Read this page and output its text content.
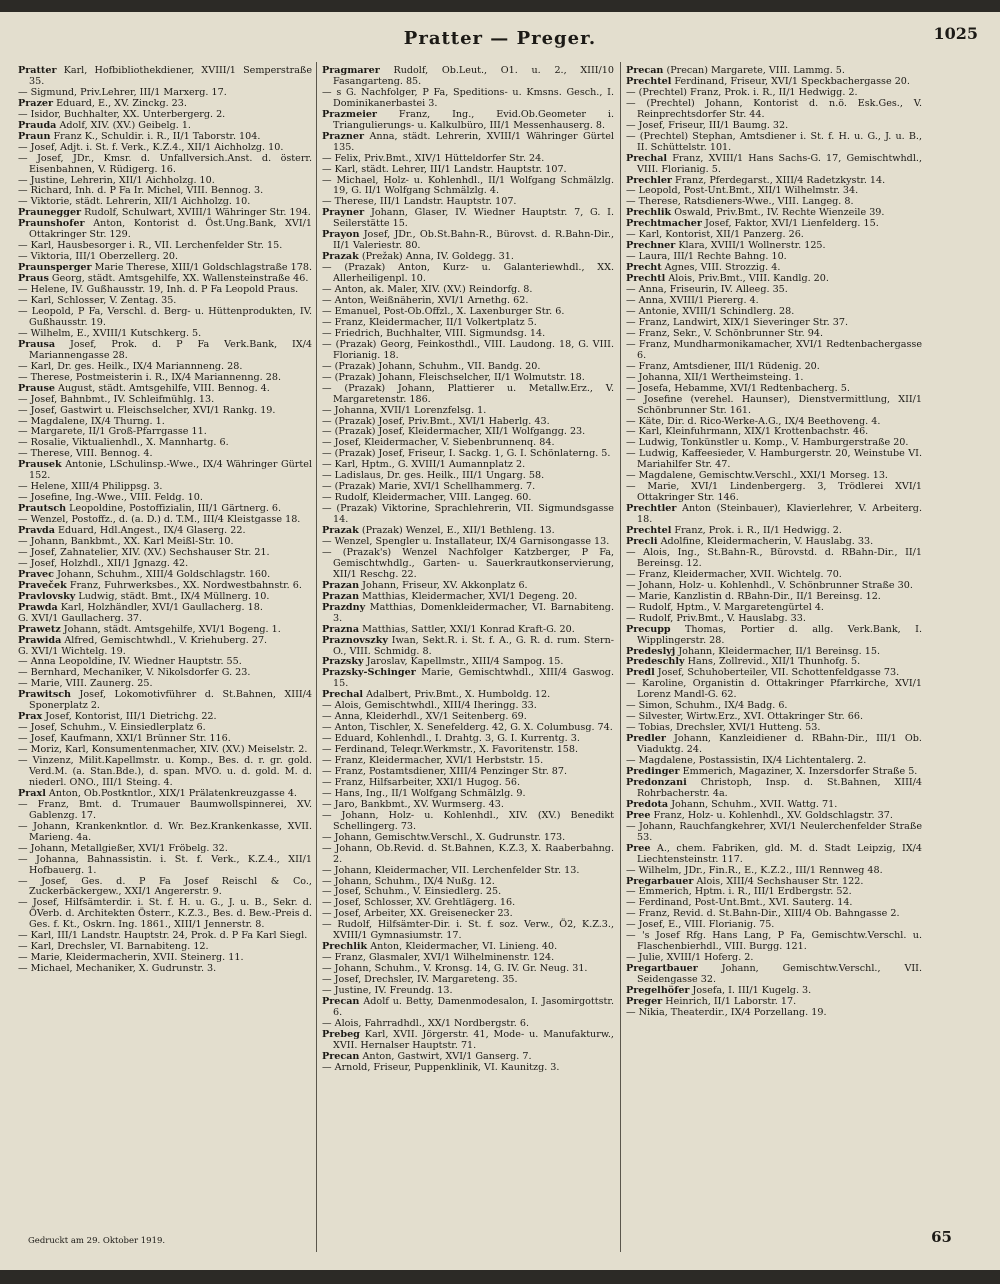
Pratter — Preger.	1025

Pratter Karl, Hofbibliothekdiener, XVIII/1 Semperstraße 35.

— Sigmund, Priv.Lehrer, III/1 Marxerg. 17.

Prazer Eduard, E., XV. Zinckg. 23.

— Isidor, Buchhalter, XX. Unterbergerg. 2.

Prauda Adolf, XIV. (XV.) Geibelg. 1.

Praun Franz K., Schuldir. i. R., II/1 Taborstr. 104.

— Josef, Adjt. i. St. f. Verk., K.Z.4., XII/1 Aichholzg. 10.

— Josef, JDr., Kmsr. d. Unfallversich.Anst. d. österr. Eisenbahnen, V. Rüdigerg. 16.

— Justine, Lehrerin, XII/1 Aichholzg. 10.

— Richard, Inh. d. P Fa Ir. Michel, VIII. Bennog. 3.

— Viktorie, städt. Lehrerin, XII/1 Aichholzg. 10.

Praunegger Rudolf, Schulwart, XVIII/1 Währinger Str. 194.

Praunshofer Anton, Kontorist d. Öst.Ung.Bank, XVI/1 Ottakringer Str. 129.

— Karl, Hausbesorger i. R., VII. Lerchenfelder Str. 15.

— Viktoria, III/1 Oberzellerg. 20.

Praunsperger Marie Therese, XIII/1 Goldschlagstraße 178.

Praus Georg, städt. Amtsgehilfe, XX. Wallensteinstraße 46.

— Helene, IV. Gußhausstr. 19, Inh. d. P Fa Leopold Praus.

— Karl, Schlosser, V. Zentag. 35.

— Leopold, P Fa, Verschl. d. Berg- u. Hüttenprodukten, IV. Gußhausstr. 19.

— Wilhelm, E., XVIII/1 Kutschkerg. 5.

Prausa Josef, Prok. d. P Fa Verk.Bank, IX/4 Mariannengasse 28.

— Karl, Dr. ges. Heilk., IX/4 Mariannneng. 28.

— Therese, Postmeisterin i. R., IX/4 Mariannenng. 28.

Prause August, städt. Amtsgehilfe, VIII. Bennog. 4.

— Josef, Bahnbmt., IV. Schleifmühlg. 13.

— Josef, Gastwirt u. Fleischselcher, XVI/1 Rankg. 19.

— Magdalene, IX/4 Thurng. 1.

— Margarete, II/1 Groß-Pfarrgasse 11.

— Rosalie, Viktualienhdl., X. Mannhartg. 6.

— Therese, VIII. Bennog. 4.

Prausek Antonie, LSchulinsp.-Wwe., IX/4 Währinger Gürtel 152.

— Helene, XIII/4 Philippsg. 3.

— Josefine, Ing.-Wwe., VIII. Feldg. 10.

Prautsch Leopoldine, Postoffizialin, III/1 Gärtnerg. 6.

— Wenzel, Postoffz., d. (a. D.) d. T.M., III/4 Kleistgasse 18.

Pravda Eduard, Hdl.Angest., IX/4 Glaserg. 22.

— Johann, Bankbmt., XX. Karl Meißl-Str. 10.

— Josef, Zahnatelier, XIV. (XV.) Sechshauser Str. 21.

— Josef, Holzhdl., XII/1 Jgnazg. 42.

Pravec Johann, Schuhm., XIII/4 Goldschlagstr. 160.

Praveček Franz, Fuhrwerksbes., XX. Nordwestbahnstr. 6.

Pravlovsky Ludwig, städt. Bmt., IX/4 Müllnerg. 10.

Prawda Karl, Holzhändler, XVI/1 Gaullacherg. 18.

G. XVI/1 Gaullacherg. 37.

Prawetz Johann, städt. Amtsgehilfe, XVI/1 Bogeng. 1.

Prawida Alfred, Gemischtwhdl., V. Kriehuberg. 27.

G. XVI/1 Wichtelg. 19.

— Anna Leopoldine, IV. Wiedner Hauptstr. 55.

— Bernhard, Mechaniker, V. Nikolsdorfer G. 23.

— Marie, VIII. Zaunerg. 25.

Prawitsch Josef, Lokomotivführer d. St.Bahnen, XIII/4 Sponerplatz 2.

Prax Josef, Kontorist, III/1 Dietrichg. 22.

— Josef, Schuhm., V. Einsiedlerplatz 6.

— Josef, Kaufmann, XXI/1 Brünner Str. 116.

— Moriz, Karl, Konsumentenmacher, XIV. (XV.) Meiselstr. 2.

— Vinzenz, Milit.Kapellmstr. u. Komp., Bes. d. r. gr. gold. Verd.M. (a. Stan.Bde.), d. span. MVO. u. d. gold. M. d. niederl. ONO., III/1 Steing. 4.

Praxl Anton, Ob.Postkntlor., XIX/1 Prälatenkreuzgasse 4.

— Franz, Bmt. d. Trumauer Baumwollspinnerei, XV. Gablenzg. 17.

— Johann, Krankenkntlor. d. Wr. Bez.Krankenkasse, XVII. Marieng. 4a.

— Johann, Metallgießer, XVI/1 Fröbelg. 32.

— Johanna, Bahnassistin. i. St. f. Verk., K.Z.4., XII/1 Hofbauerg. 1.

— Josef, Ges. d. P Fa Josef Reischl & Co., Zuckerbäckergew., XXI/1 Angererstr. 9.

— Josef, Hilfsämterdir. i. St. f. H. u. G., J. u. B., Sekr. d. ÖVerb. d. Architekten Österr., K.Z.3., Bes. d. Bew.-Preis d. Ges. f. Kt., Oskrn. Ing. 1861., XIII/1 Jennerstr. 8.

— Karl, III/1 Landstr. Hauptstr. 24, Prok. d. P Fa Karl Siegl.

— Karl, Drechsler, VI. Barnabiteng. 12.

— Marie, Kleidermacherin, XVII. Steinerg. 11.

— Michael, Mechaniker, X. Gudrunstr. 3.

Pragmarer Rudolf, Ob.Leut., Ö1. u. 2., XIII/10 Fasangarteng. 85.

— s G. Nachfolger, P Fa, Speditions- u. Kmsns. Gesch., I. Dominikanerbastei 3.

Prazmeier Franz, Ing., Evid.Ob.Geometer i. Triangulierungs- u. Kalkulbüro, III/1 Messenhauserg. 8.

Prazner Anna, städt. Lehrerin, XVIII/1 Währinger Gürtel 135.

— Felix, Priv.Bmt., XIV/1 Hütteldorfer Str. 24.

— Karl, städt. Lehrer, III/1 Landstr. Hauptstr. 107.

— Michael, Holz- u. Kohlenhdl., II/1 Wolfgang Schmälzlg. 19, G. II/1 Wolfgang Schmälzlg. 4.

— Therese, III/1 Landstr. Hauptstr. 107.

Prayner Johann, Glaser, IV. Wiedner Hauptstr. 7, G. I. Seilerstätte 15.

Prayon Josef, JDr., Ob.St.Bahn-R., Bürovst. d. R.Bahn-Dir., II/1 Valeriestr. 80.

Prazak (Prežak) Anna, IV. Goldegg. 31.

— (Prazak) Anton, Kurz- u. Galanteriewhdl., XX. Allerheiligenpl. 10.

— Anton, ak. Maler, XIV. (XV.) Reindorfg. 8.

— Anton, Weißnäherin, XVI/1 Arnethg. 62.

— Emanuel, Post-Ob.Offzl., X. Laxenburger Str. 6.

— Franz, Kleidermacher, II/1 Volkertplatz 5.

— Friedrich, Buchhalter, VIII. Sigmundsg. 14.

— (Prazak) Georg, Feinkosthdl., VIII. Laudong. 18, G. VIII. Florianig. 18.

— (Prazak) Johann, Schuhm., VII. Bandg. 20.

— (Prazak) Johann, Fleischselcher, II/1 Wolmutstr. 18.

— (Prazak) Johann, Plattierer u. Metallw.Erz., V. Margaretenstr. 186.

— Johanna, XVII/1 Lorenzfelsg. 1.

— (Prazak) Josef, Priv.Bmt., XVI/1 Haberlg. 43.

— (Prazak) Josef, Kleidermacher, XII/1 Wolfgangg. 23.

— Josef, Kleidermacher, V. Siebenbrunnenq. 84.

— (Prazak) Josef, Friseur, I. Sackg. 1, G. I. Schönlaterng. 5.

— Karl, Hptm., G. XVIII/1 Aumannplatz 2.

— Ladislaus, Dr. ges. Heilk., III/1 Ungarg. 58.

— (Prazak) Marie, XVI/1 Schellhammerg. 7.

— Rudolf, Kleidermacher, VIII. Langeg. 60.

— (Prazak) Viktorine, Sprachlehrerin, VII. Sigmundsgasse 14.

Prazak (Prazak) Wenzel, E., XII/1 Bethleng. 13.

— Wenzel, Spengler u. Installateur, IX/4 Garnisongasse 13.

— (Prazak's) Wenzel Nachfolger Katzberger, P Fa, Gemischtwhdlg., Garten- u. Sauerkrautkonservierung, XII/1 Reschg. 22.

Prazan Johann, Friseur, XV. Akkonplatz 6.

Prazan Matthias, Kleidermacher, XVI/1 Degeng. 20.

Prazdny Matthias, Domenkleidermacher, VI. Barnabiteng. 3.

Prazna Matthias, Sattler, XXI/1 Konrad Kraft-G. 20.

Praznovszky Iwan, Sekt.R. i. St. f. A., G. R. d. rum. Stern-O., VIII. Schmidg. 8.

Prazsky Jaroslav, Kapellmstr., XIII/4 Sampog. 15.

Prazsky-Schinger Marie, Gemischtwhdl., XIII/4 Gaswog. 15.

Prechal Adalbert, Priv.Bmt., X. Humboldg. 12.

— Alois, Gemischtwhdl., XIII/4 Iheringg. 33.

— Anna, Kleiderhdl., XV/1 Seitenberg. 69.

— Anton, Tischler, X. Senefelderg. 42, G. X. Columbusg. 74.

— Eduard, Kohlenhdl., I. Drahtg. 3, G. I. Kurrentg. 3.

— Ferdinand, Teleqr.Werkmstr., X. Favoritenstr. 158.

— Franz, Kleidermacher, XVI/1 Herbststr. 15.

— Franz, Postamtsdiener, XIII/4 Penzinger Str. 87.

— Franz, Hilfsarbeiter, XXI/1 Hugog. 56.

— Hans, Ing., II/1 Wolfgang Schmälzlg. 9.

— Jaro, Bankbmt., XV. Wurmserg. 43.

— Johann, Holz- u. Kohlenhdl., XIV. (XV.) Benedikt Schellingerg. 73.

— Johann, Gemischtw.Verschl., X. Gudrunstr. 173.

— Johann, Ob.Revid. d. St.Bahnen, K.Z.3, X. Raaberbahng. 2.

— Johann, Kleidermacher, VII. Lerchenfelder Str. 13.

— Johann, Schuhm., IX/4 Nußg. 12.

— Josef, Schuhm., V. Einsiedlerg. 25.

— Josef, Schlosser, XV. Grehtlägerg. 16.

— Josef, Arbeiter, XX. Greisenecker 23.

— Rudolf, Hilfsämter-Dir. i. St. f. soz. Verw., Ö2, K.Z.3., XVIII/1 Gymnasiumstr. 17.

Prechlik Anton, Kleidermacher, VI. Linieng. 40.

— Franz, Glasmaler, XVI/1 Wilhelminenstr. 124.

— Johann, Schuhm., V. Kronsg. 14, G. IV. Gr. Neug. 31.

— Josef, Drechsler, IV. Margareteng. 35.

— Justine, IV. Freundg. 13.

Precan Adolf u. Betty, Damenmodesalon, I. Jasomirgottstr. 6.

— Alois, Fahrradhdl., XX/1 Nordbergstr. 6.

Prebeg Karl, XVII. Jörgerstr. 41, Mode- u. Manufakturw., XVII. Hernalser Hauptstr. 71.

Precan Anton, Gastwirt, XVI/1 Ganserg. 7.

— Arnold, Friseur, Puppenklinik, VI. Kaunitzg. 3.

Precan (Precan) Margarete, VIII. Lammg. 5.

Prechtel Ferdinand, Friseur, XVI/1 Speckbachergasse 20.

— (Prechtel) Franz, Prok. i. R., II/1 Hedwigg. 2.

— (Prechtel) Johann, Kontorist d. n.ö. Esk.Ges., V. Reinprechtsdorfer Str. 44.

— Josef, Friseur, III/1 Baumg. 32.

— (Prechtel) Stephan, Amtsdiener i. St. f. H. u. G., J. u. B., II. Schüttelstr. 101.

Prechal Franz, XVIII/1 Hans Sachs-G. 17, Gemischtwhdl., VIII. Florianig. 5.

Prechler Franz, Pferdegarst., XIII/4 Radetzkystr. 14.

— Leopold, Post-Unt.Bmt., XII/1 Wilhelmstr. 34.

— Therese, Ratsdieners-Wwe., VIII. Langeg. 8.

Prechlik Oswald, Priv.Bmt., IV. Rechte Wienzeile 39.

Prechtmacher Josef, Faktor, XVI/1 Lienfelderg. 15.

— Karl, Kontorist, XII/1 Panzerg. 26.

Prechner Klara, XVIII/1 Wollnerstr. 125.

— Laura, III/1 Rechte Bahng. 10.

Precht Agnes, VIII. Strozzig. 4.

Prechtl Alois, Priv.Bmt., VIII. Kandlg. 20.

— Anna, Friseurin, IV. Alleeg. 35.

— Anna, XVIII/1 Piererg. 4.

— Antonie, XVIII/1 Schindlerg. 28.

— Franz, Landwirt, XIX/1 Sieveringer Str. 37.

— Franz, Sekr., V. Schönbrunner Str. 94.

— Franz, Mundharmonikamacher, XVI/1 Redtenbachergasse 6.

— Franz, Amtsdiener, III/1 Rüdenig. 20.

— Johanna, XII/1 Wertheimsteing. 1.

— Josefa, Hebamme, XVI/1 Redtenbacherg. 5.

— Josefine (verehel. Haunser), Dienstvermittlung, XII/1 Schönbrunner Str. 161.

— Käte, Dir. d. Rico-Werke-A.G., IX/4 Beethoveng. 4.

— Karl, Kleinfuhrmann, XIX/1 Krottenbachstr. 46.

— Ludwig, Tonkünstler u. Komp., V. Hamburgerstraße 20.

— Ludwig, Kaffeesieder, V. Hamburgerstr. 20, Weinstube VI. Mariahilfer Str. 47.

— Magdalene, Gemischtw.Verschl., XXI/1 Morseg. 13.

— Marie, XVI/1 Lindenbergerg. 3, Trödlerei XVI/1 Ottakringer Str. 146.

Prechtler Anton (Steinbauer), Klavierlehrer, V. Arbeiterg. 18.

Prechtel Franz, Prok. i. R., II/1 Hedwigg. 2.

Precli Adolfine, Kleidermacherin, V. Hauslabg. 33.

— Alois, Ing., St.Bahn-R., Bürovstd. d. RBahn-Dir., II/1 Bereinsg. 12.

— Franz, Kleidermacher, XVII. Wichtelg. 70.

— Johann, Holz- u. Kohlenhdl., V. Schönbrunner Straße 30.

— Marie, Kanzlistin d. RBahn-Dir., II/1 Bereinsg. 12.

— Rudolf, Hptm., V. Margaretengürtel 4.

— Rudolf, Priv.Bmt., V. Hauslabg. 33.

Precupp Thomas, Portier d. allg. Verk.Bank, I. Wipplingerstr. 28.

Predeslyj Johann, Kleidermacher, II/1 Bereinsg. 15.

Predeschly Hans, Zollrevid., XII/1 Thunhofg. 5.

Predl Josef, Schuhoberteiler, VII. Schottenfeldgasse 73.

— Karoline, Organistin d. Ottakringer Pfarrkirche, XVI/1 Lorenz Mandl-G. 62.

— Simon, Schuhm., IX/4 Badg. 6.

— Silvester, Wirtw.Erz., XVI. Ottakringer Str. 66.

— Tobias, Drechsler, XVI/1 Hutteng. 53.

Predler Johann, Kanzleidiener d. RBahn-Dir., III/1 Ob. Viaduktg. 24.

— Magdalene, Postassistin, IX/4 Lichtentalerg. 2.

Predinger Emmerich, Magaziner, X. Inzersdorfer Straße 5.

Predonzani Christoph, Insp. d. St.Bahnen, XIII/4 Rohrbacherstr. 4a.

Predota Johann, Schuhm., XVII. Wattg. 71.

Pree Franz, Holz- u. Kohlenhdl., XV. Goldschlagstr. 37.

— Johann, Rauchfangkehrer, XVI/1 Neulerchenfelder Straße 53.

Pree A., chem. Fabriken, gld. M. d. Stadt Leipzig, IX/4 Liechtensteinstr. 117.

— Wilhelm, JDr., Fin.R., E., K.Z.2., III/1 Rennweg 48.

Pregarbauer Alois, XIII/4 Sechshauser Str. 122.

— Emmerich, Hptm. i. R., III/1 Erdbergstr. 52.

— Ferdinand, Post-Unt.Bmt., XVI. Sauterg. 14.

— Franz, Revid. d. St.Bahn-Dir., XIII/4 Ob. Bahngasse 2.

— Josef, E., VIII. Florianig. 75.

— 's Josef Rfg. Hans Lang, P Fa, Gemischtw.Verschl. u. Flaschenbierhdl., VIII. Burgg. 121.

— Julie, XVIII/1 Hoferg. 2.

Pregartbauer Johann, Gemischtw.Verschl., VII. Seidengasse 32.

Pregelhöfer Josefa, I. III/1 Kugelg. 3.

Preger Heinrich, II/1 Laborstr. 17.

— Nikia, Theaterdir., IX/4 Porzellang. 19.

Gedruckt am 29. Oktober 1919.	65
